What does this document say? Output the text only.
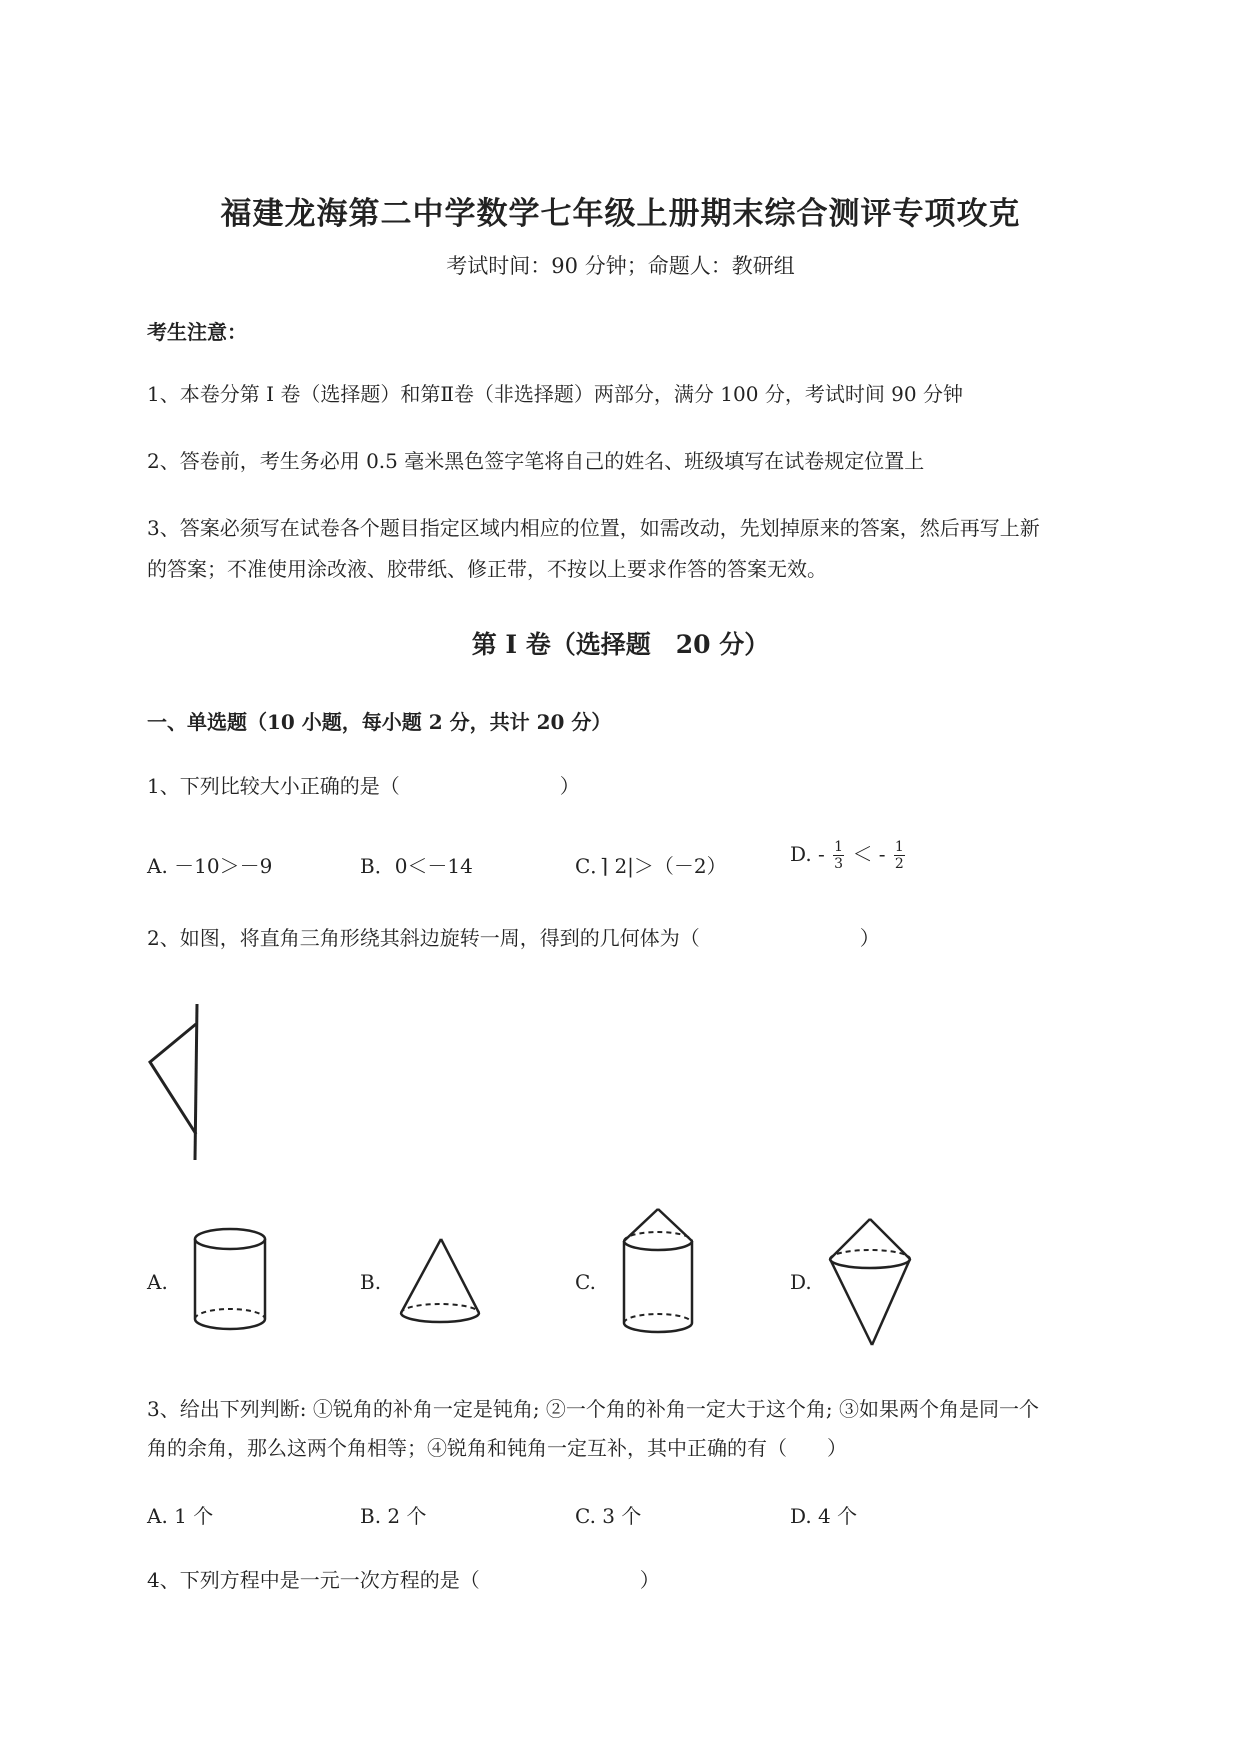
福建龙海第二中学数学七年级上册期末综合测评专项攻克
考试时间：90 分钟；命题人：教研组
考生注意：
1、本卷分第 I 卷（选择题）和第Ⅱ卷（非选择题）两部分，满分 100 分，考试时间 90 分钟
2、答卷前，考生务必用 0.5 毫米黑色签字笔将自己的姓名、班级填写在试卷规定位置上
3、答案必须写在试卷各个题目指定区域内相应的位置，如需改动，先划掉原来的答案，然后再写上新
的答案；不准使用涂改液、胶带纸、修正带，不按以上要求作答的答案无效。
第 I 卷（选择题　20 分）
一、单选题（10 小题，每小题 2 分，共计 20 分）
1、下列比较大小正确的是（　　　　　　　　）
A. －10＞－9	B．0＜－14	C．⌉ 2|＞（－2）	D. - $\frac{1}{3}$ ＜ - $\frac{1}{2}$
2、如图，将直角三角形绕其斜边旋转一周，得到的几何体为（　　　　　　　　）
A.	B.	C.	D.
3、给出下列判断: ①锐角的补角一定是钝角; ②一个角的补角一定大于这个角; ③如果两个角是同一个
角的余角，那么这两个角相等；④锐角和钝角一定互补，其中正确的有（　　）
A. 1 个	B. 2 个	C. 3 个	D. 4 个
4、下列方程中是一元一次方程的是（　　　　　　　　）
